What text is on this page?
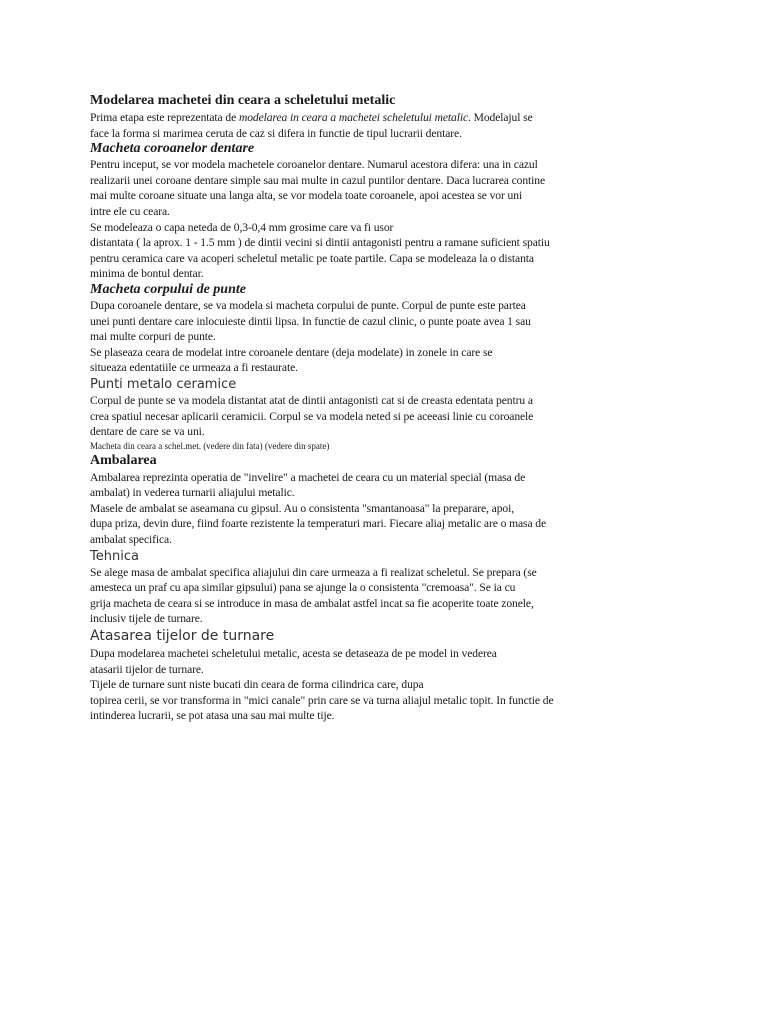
Modelarea machetei din ceara a scheletului metalic
Prima etapa este reprezentata de modelarea in ceara a machetei scheletului metalic. Modelajul se
face la forma si marimea ceruta de caz si difera in functie de tipul lucrarii dentare.
Macheta coroanelor dentare
Pentru inceput, se vor modela machetele coroanelor dentare. Numarul acestora difera: una in cazul
realizarii unei coroane dentare simple sau mai multe in cazul puntilor dentare. Daca lucrarea contine
mai multe coroane situate una langa alta, se vor modela toate coroanele, apoi acestea se vor uni
intre ele cu ceara.
Se modeleaza o capa neteda de 0,3-0,4 mm grosime care va fi usor
distantata ( la aprox. 1 - 1.5 mm ) de dintii vecini si dintii antagonisti pentru a ramane suficient spatiu
pentru ceramica care va acoperi scheletul metalic pe toate partile. Capa se modeleaza la o distanta
minima de bontul dentar.
Macheta corpului de punte
Dupa coroanele dentare, se va modela si macheta corpului de punte. Corpul de punte este partea
unei punti dentare care inlocuieste dintii lipsa. In functie de cazul clinic, o punte poate avea 1 sau
mai multe corpuri de punte.
Se plaseaza ceara de modelat intre coroanele dentare (deja modelate) in zonele in care se
situeaza edentatiile ce urmeaza a fi restaurate.
Punti metalo ceramice
Corpul de punte se va modela distantat atat de dintii antagonisti cat si de creasta edentata pentru a
crea spatiul necesar aplicarii ceramicii. Corpul se va modela neted si pe aceeasi linie cu coroanele
dentare de care se va uni.
Macheta din ceara a schel.met. (vedere din fata) (vedere din spate)
Ambalarea
Ambalarea reprezinta operatia de "invelire" a machetei de ceara cu un material special (masa de
ambalat) in vederea turnarii aliajului metalic.
Masele de ambalat se aseamana cu gipsul. Au o consistenta "smantanoasa" la preparare, apoi,
dupa priza, devin dure, fiind foarte rezistente la temperaturi mari. Fiecare aliaj metalic are o masa de
ambalat specifica.
Tehnica
Se alege masa de ambalat specifica aliajului din care urmeaza a fi realizat scheletul. Se prepara (se
amesteca un praf cu apa similar gipsului) pana se ajunge la o consistenta "cremoasa". Se ia cu
grija macheta de ceara si se introduce in masa de ambalat astfel incat sa fie acoperite toate zonele,
inclusiv tijele de turnare.
Atasarea tijelor de turnare
Dupa modelarea machetei scheletului metalic, acesta se detaseaza de pe model in vederea
atasarii tijelor de turnare.
Tijele de turnare sunt niste bucati din ceara de forma cilindrica care, dupa
topirea cerii, se vor transforma in "mici canale" prin care se va turna aliajul metalic topit. In functie de
intinderea lucrarii, se pot atasa una sau mai multe tije.
